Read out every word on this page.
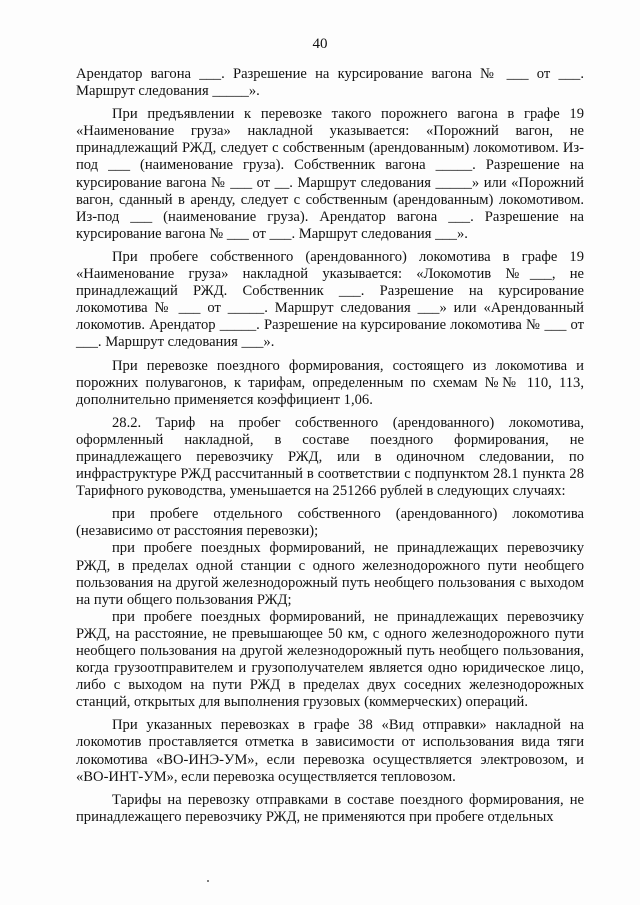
40

Арендатор вагона ___. Разрешение на курсирование вагона № ___ от ___. Маршрут следования _____».

При предъявлении к перевозке такого порожнего вагона в графе 19 «Наименование груза» накладной указывается: «Порожний вагон, не принадлежащий РЖД, следует с собственным (арендованным) локомотивом. Из-под ___ (наименование груза). Собственник вагона _____. Разрешение на курсирование вагона № ___ от __. Маршрут следования _____» или «Порожний вагон, сданный в аренду, следует с собственным (арендованным) локомотивом. Из-под ___ (наименование груза). Арендатор вагона ___. Разрешение на курсирование вагона № ___ от ___. Маршрут следования ___».

При пробеге собственного (арендованного) локомотива в графе 19 «Наименование груза» накладной указывается: «Локомотив №___, не принадлежащий РЖД. Собственник ___. Разрешение на курсирование локомотива № ___ от _____. Маршрут следования ___» или «Арендованный локомотив. Арендатор _____. Разрешение на курсирование локомотива № ___ от ___. Маршрут следования ___».

При перевозке поездного формирования, состоящего из локомотива и порожних полувагонов, к тарифам, определенным по схемам №№ 110, 113, дополнительно применяется коэффициент 1,06.

28.2. Тариф на пробег собственного (арендованного) локомотива, оформленный накладной, в составе поездного формирования, не принадлежащего перевозчику РЖД, или в одиночном следовании, по инфраструктуре РЖД рассчитанный в соответствии с подпунктом 28.1 пункта 28 Тарифного руководства, уменьшается на 251266 рублей в следующих случаях:

при пробеге отдельного собственного (арендованного) локомотива (независимо от расстояния перевозки);

при пробеге поездных формирований, не принадлежащих перевозчику РЖД, в пределах одной станции с одного железнодорожного пути необщего пользования на другой железнодорожный путь необщего пользования с выходом на пути общего пользования РЖД;

при пробеге поездных формирований, не принадлежащих перевозчику РЖД, на расстояние, не превышающее 50 км, с одного железнодорожного пути необщего пользования на другой железнодорожный путь необщего пользования, когда грузоотправителем и грузополучателем является одно юридическое лицо, либо с выходом на пути РЖД в пределах двух соседних железнодорожных станций, открытых для выполнения грузовых (коммерческих) операций.

При указанных перевозках в графе 38 «Вид отправки» накладной на локомотив проставляется отметка в зависимости от использования вида тяги локомотива «ВО-ИНЭ-УМ», если перевозка осуществляется электровозом, и «ВО-ИНТ-УМ», если перевозка осуществляется тепловозом.

Тарифы на перевозку отправками в составе поездного формирования, не принадлежащего перевозчику РЖД, не применяются при пробеге отдельных
